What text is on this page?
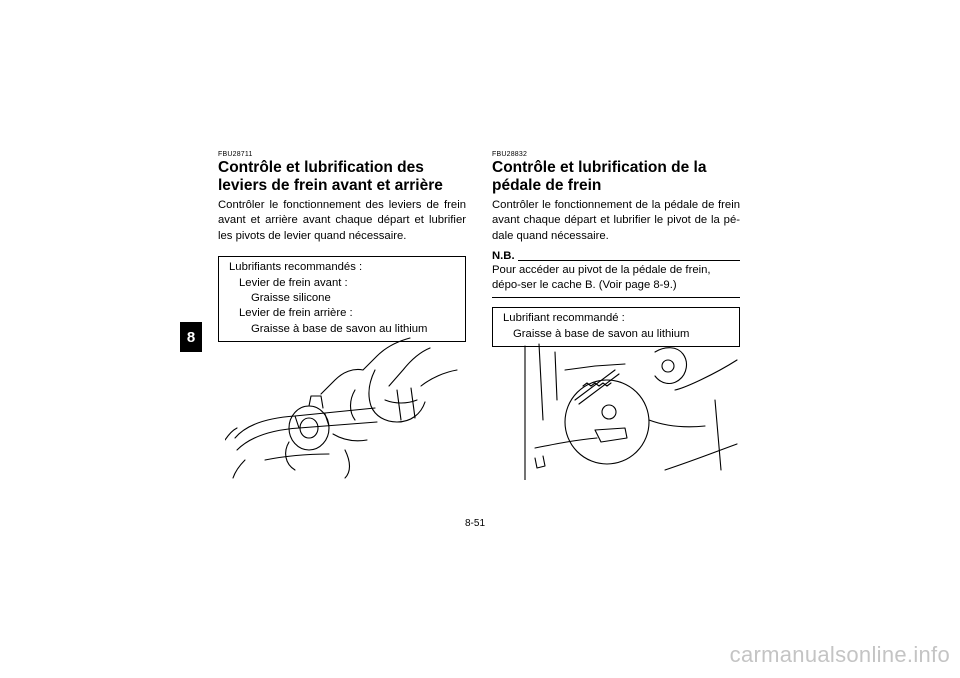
8
FBU28711
Contrôle et lubrification des leviers de frein avant et arrière

Contrôler le fonctionnement des leviers de frein avant et arrière avant chaque départ et lubrifier les pivots de levier quand nécessaire.

Lubrifiants recommandés :
Levier de frein avant :
Graisse silicone
Levier de frein arrière :
Graisse à base de savon au lithium
FBU28832
Contrôle et lubrification de la pédale de frein

Contrôler le fonctionnement de la pédale de frein avant chaque départ et lubrifier le pivot de la pé-dale quand nécessaire.

N.B.

Pour accéder au pivot de la pédale de frein, dépo-ser le cache B. (Voir page 8-9.)

Lubrifiant recommandé :
Graisse à base de savon au lithium
8-51
carmanualsonline.info
